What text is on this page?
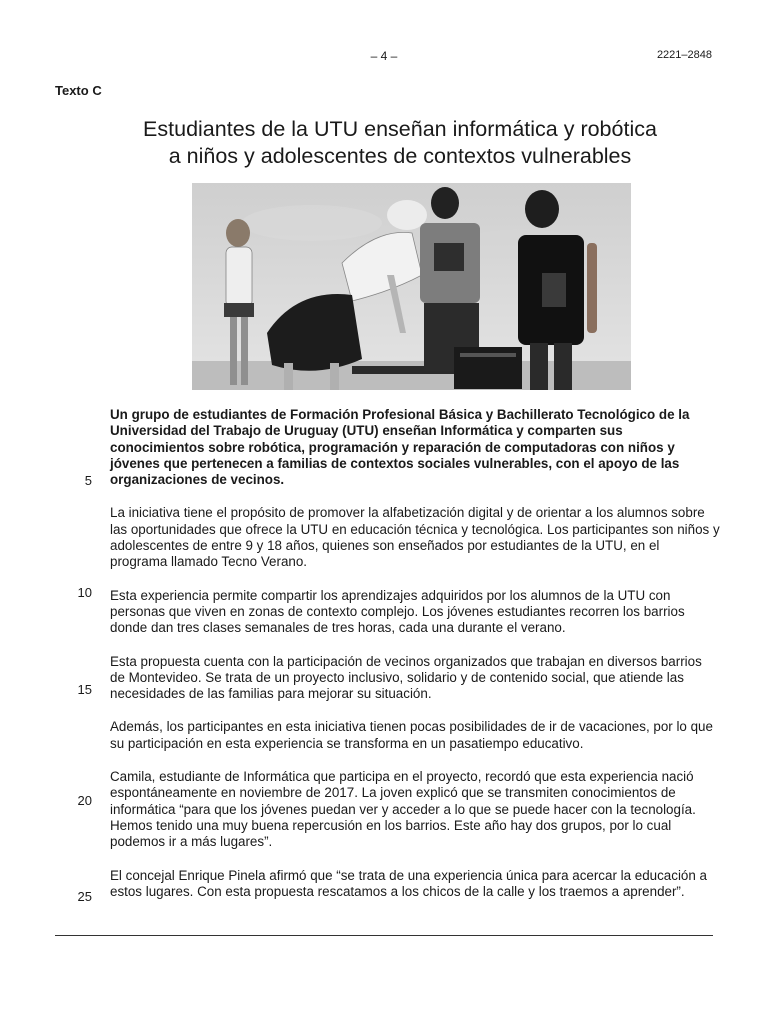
– 4 –	2221–2848
Texto C
Estudiantes de la UTU enseñan informática y robótica
a niños y adolescentes de contextos vulnerables

Un grupo de estudiantes de Formación Profesional Básica y Bachillerato Tecnológico de la Universidad del Trabajo de Uruguay (UTU) enseñan Informática y comparten sus conocimientos sobre robótica, programación y reparación de computadoras con niños y jóvenes que pertenecen a familias de contextos sociales vulnerables, con el apoyo de las organizaciones de vecinos.

La iniciativa tiene el propósito de promover la alfabetización digital y de orientar a los alumnos sobre las oportunidades que ofrece la UTU en educación técnica y tecnológica. Los participantes son niños y adolescentes de entre 9 y 18 años, quienes son enseñados por estudiantes de la UTU, en el programa llamado Tecno Verano.

Esta experiencia permite compartir los aprendizajes adquiridos por los alumnos de la UTU con personas que viven en zonas de contexto complejo. Los jóvenes estudiantes recorren los barrios donde dan tres clases semanales de tres horas, cada una durante el verano.

Esta propuesta cuenta con la participación de vecinos organizados que trabajan en diversos barrios de Montevideo. Se trata de un proyecto inclusivo, solidario y de contenido social, que atiende las necesidades de las familias para mejorar su situación.

Además, los participantes en esta iniciativa tienen pocas posibilidades de ir de vacaciones, por lo que su participación en esta experiencia se transforma en un pasatiempo educativo.

Camila, estudiante de Informática que participa en el proyecto, recordó que esta experiencia nació espontáneamente en noviembre de 2017. La joven explicó que se transmiten conocimientos de informática “para que los jóvenes puedan ver y acceder a lo que se puede hacer con la tecnología. Hemos tenido una muy buena repercusión en los barrios. Este año hay dos grupos, por lo cual podemos ir a más lugares”.

El concejal Enrique Pinela afirmó que “se trata de una experiencia única para acercar la educación a estos lugares. Con esta propuesta rescatamos a los chicos de la calle y los traemos a aprender”.

5
10
15
20
25
